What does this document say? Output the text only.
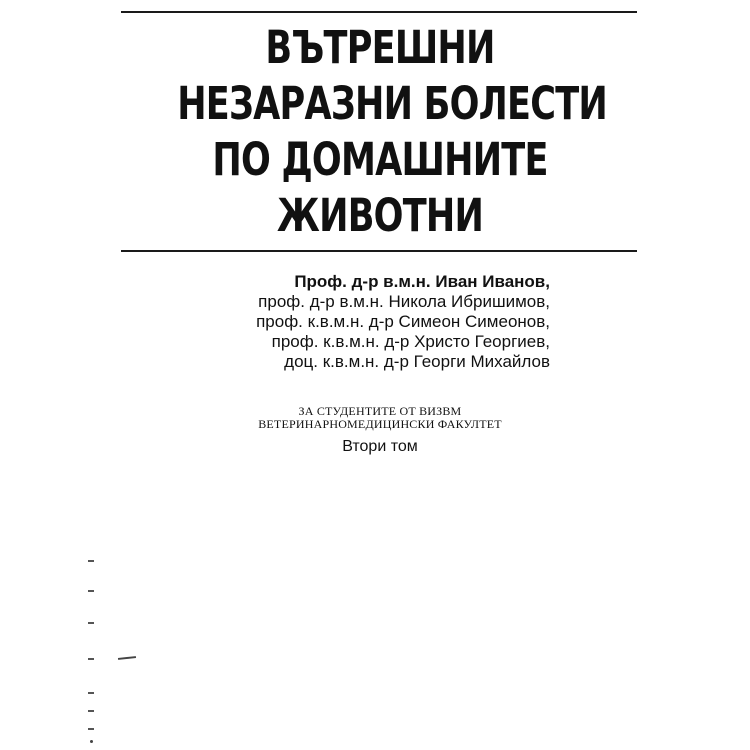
ВЪТРЕШНИ
НЕЗАРАЗНИ БОЛЕСТИ
ПО ДОМАШНИТЕ
ЖИВОТНИ
Проф. д-р в.м.н. Иван Иванов,
проф. д-р в.м.н. Никола Ибришимов,
проф. к.в.м.н. д-р Симеон Симеонов,
проф. к.в.м.н. д-р Христо Георгиев,
доц. к.в.м.н. д-р Георги Михайлов
ЗА СТУДЕНТИТЕ ОТ ВИЗВМ
ВЕТЕРИНАРНОМЕДИЦИНСКИ ФАКУЛТЕТ
Втори том
